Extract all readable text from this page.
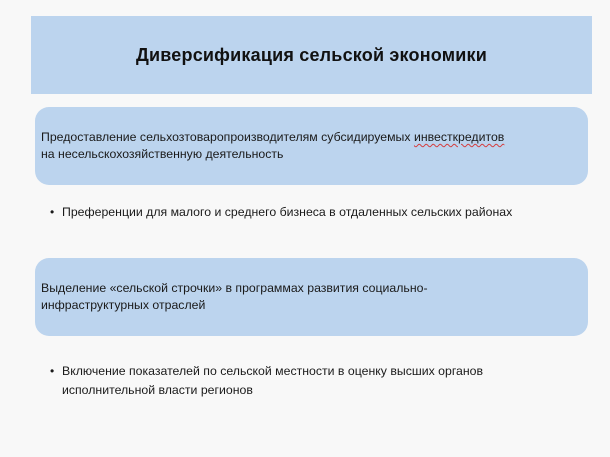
Диверсификация сельской экономики
Предоставление сельхозтоваропроизводителям субсидируемых инвесткредитов
на несельскохозяйственную деятельность
• Преференции для малого и среднего бизнеса в отдаленных сельских районах
Выделение «сельской строчки» в программах развития социально-
инфраструктурных отраслей
• Включение показателей по сельской местности в оценку высших органов
исполнительной власти регионов
